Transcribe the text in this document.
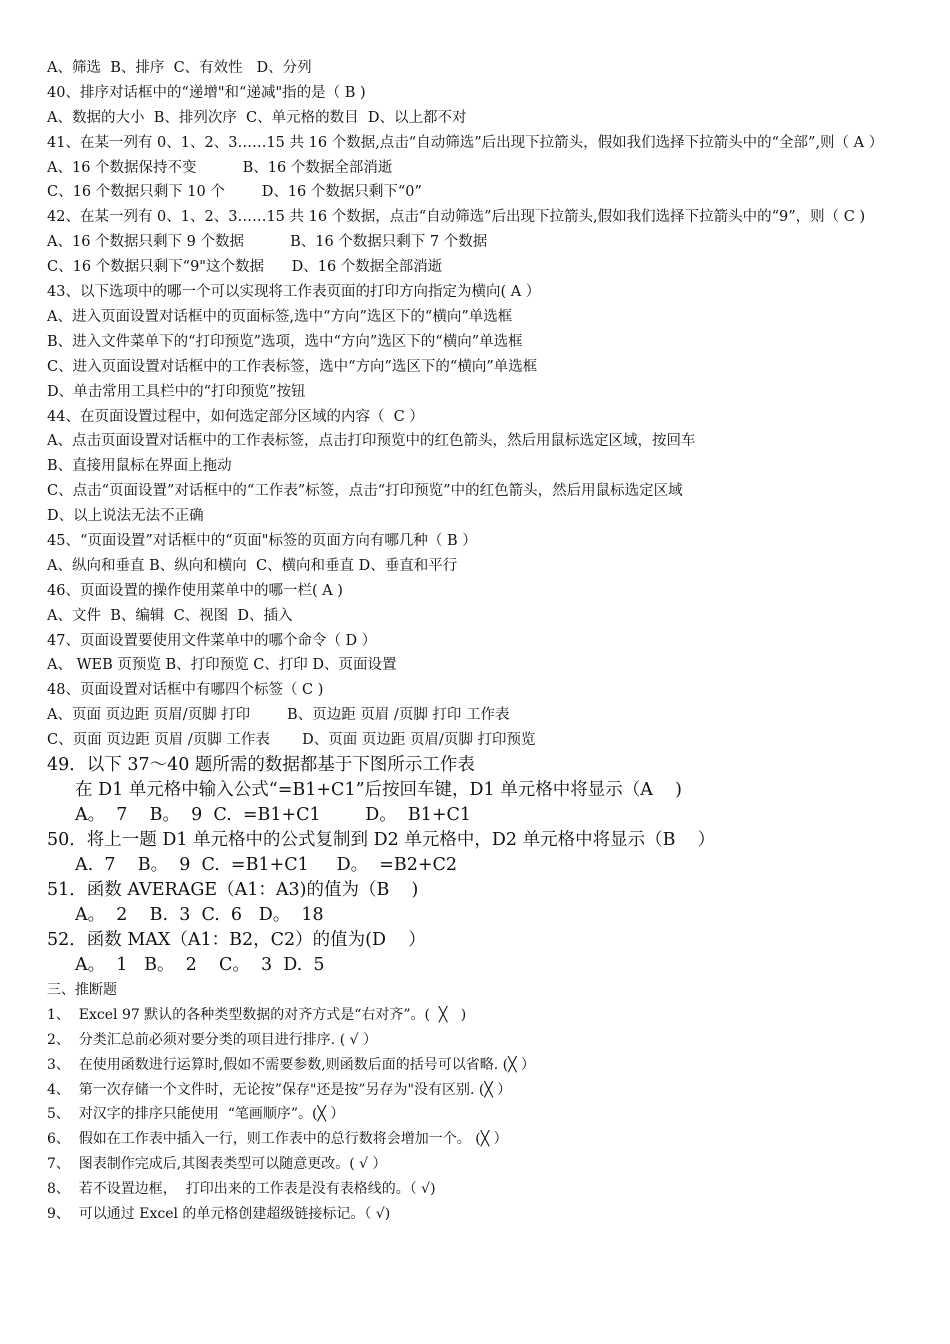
A、筛选  B、排序  C、有效性   D、分列
40、排序对话框中的“递增"和“递减"指的是（ B )
A、数据的大小  B、排列次序  C、单元格的数目  D、以上都不对
41、在某一列有 0、1、2、3……15 共 16 个数据,点击“自动筛选”后出现下拉箭头，假如我们选择下拉箭头中的“全部”,则（ A ）
A、16 个数据保持不变          B、16 个数据全部消逝
C、16 个数据只剩下 10 个        D、16 个数据只剩下“0”
42、在某一列有 0、1、2、3……15 共 16 个数据，点击“自动筛选”后出现下拉箭头,假如我们选择下拉箭头中的“9”，则（ C )
A、16 个数据只剩下 9 个数据          B、16 个数据只剩下 7 个数据
C、16 个数据只剩下“9"这个数据      D、16 个数据全部消逝
43、以下选项中的哪一个可以实现将工作表页面的打印方向指定为横向( A ）
A、进入页面设置对话框中的页面标签,选中“方向”选区下的“横向”单选框
B、进入文件菜单下的“打印预览”选项，选中“方向”选区下的“横向”单选框
C、进入页面设置对话框中的工作表标签，选中“方向”选区下的“横向”单选框
D、单击常用工具栏中的“打印预览”按钮
44、在页面设置过程中，如何选定部分区域的内容（  C ）
A、点击页面设置对话框中的工作表标签，点击打印预览中的红色箭头，然后用鼠标选定区域，按回车
B、直接用鼠标在界面上拖动
C、点击“页面设置”对话框中的“工作表”标签，点击“打印预览”中的红色箭头，然后用鼠标选定区域
D、以上说法无法不正确
45、“页面设置”对话框中的“页面"标签的页面方向有哪几种（ B ）
A、纵向和垂直 B、纵向和横向  C、横向和垂直 D、垂直和平行
46、页面设置的操作使用菜单中的哪一栏( A )
A、文件  B、编辑  C、视图  D、插入
47、页面设置要使用文件菜单中的哪个命令（ D ）
A、 WEB 页预览 B、打印预览 C、打印 D、页面设置
48、页面设置对话框中有哪四个标签（ C )
A、页面 页边距 页眉/页脚 打印        B、页边距 页眉 /页脚 打印 工作表
C、页面 页边距 页眉 /页脚 工作表       D、页面 页边距 页眉/页脚 打印预览
49．以下 37～40 题所需的数据都基于下图所示工作表
在 D1 单元格中输入公式“=B1+C1”后按回车键，D1 单元格中将显示（A    )
A。  7    B。  9  C.  =B1+C1        D。  B1+C1
50．将上一题 D1 单元格中的公式复制到 D2 单元格中，D2 单元格中将显示（B    ）
A.  7    B。  9  C.  =B1+C1     D。  =B2+C2
51．函数 AVERAGE（A1：A3)的值为（B    )
A。  2    B.  3  C.  6   D。  18
52．函数 MAX（A1：B2，C2）的值为(D    ）
A。  1   B。  2    C。  3  D.  5
三、推断题
1、  Excel 97 默认的各种类型数据的对齐方式是“右对齐”。(  ╳   )
2、  分类汇总前必须对要分类的项目进行排序. ( √ ）
3、  在使用函数进行运算时,假如不需要参数,则函数后面的括号可以省略. (╳ ）
4、  第一次存储一个文件时，无论按”保存"还是按”另存为"没有区别. (╳ ）
5、  对汉字的排序只能使用  “笔画顺序”。(╳ ）
6、  假如在工作表中插入一行，则工作表中的总行数将会增加一个。 (╳ ）
7、  图表制作完成后,其图表类型可以随意更改。( √ ）
8、  若不设置边框，  打印出来的工作表是没有表格线的。（ √)
9、  可以通过 Excel 的单元格创建超级链接标记。（ √)
